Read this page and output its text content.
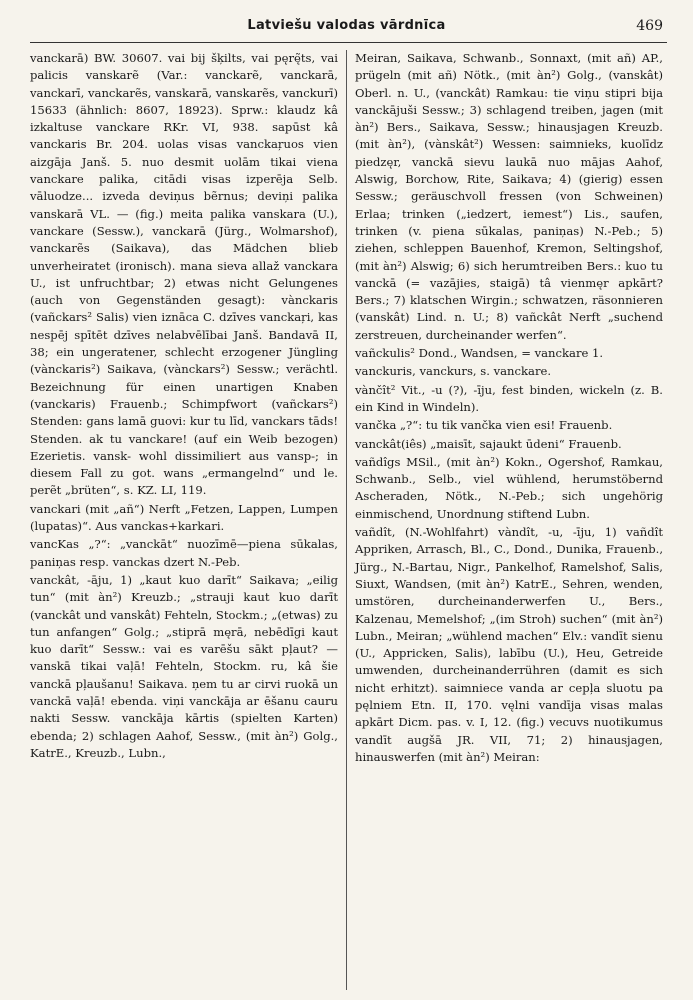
Latviešu valodas vārdnīca	469

vanckarā) BW. 30607. vai bij šķilts, vai pęrę̃ts, vai palicis vanskarẽ (Var.: vanckarẽ, vanckarā, vanckarī, vanckarẽs, vanskarā, vanskarẽs, vanckurī) 15633 (ähnlich: 8607, 18923). Sprw.: klaudz kâ izkaltuse vanckare RKr. VI, 938. sapūst kâ vanckaris Br. 204. uolas visas vanckaŗuos vien aizgāja Janš. 5. nuo desmit uolām tikai viena vanckare palika, citādi visas izperēja Selb. vāluodze... izveda deviņus bẽrnus; deviņi palika vanskarā VL. — (fig.) meita palika vanskara (U.), vanckare (Sessw.), vanckarā (Jürg., Wolmarshof), vanckarẽs (Saikava), das Mädchen blieb unverheiratet (ironisch). mana sieva allaž vanckara U., ist unfruchtbar; 2) etwas nicht Gelungenes (auch von Gegenständen gesagt): vànckaris (vañckars² Salis) vien iznāca C. dzīves vanckaŗi, kas nespēj spītēt dzīves nelabvēlībai Janš. Bandavā II, 38; ein ungeratener, schlecht erzogener Jüngling (vànckaris²) Saikava, (vànckars²) Sessw.; verächtl. Bezeichnung für einen unartigen Knaben (vanckaris) Frauenb.; Schimpfwort (vañckars²) Stenden: gans lamā guovi: kur tu līd, vanckars tāds! Stenden. ak tu vanckare! (auf ein Weib bezogen) Ezerietis. vansk- wohl dissimiliert aus vansp-; in diesem Fall zu got. wans „ermangelnd“ und le. perẽt „brüten“, s. KZ. LI, 119.

vanckari (mit „añ“) Nerft „Fetzen, Lappen, Lumpen (lupatas)“. Aus vanckas+karkari.

vancKas „?“: „vanckāt“ nuozīmē—piena sūkalas, paniņas resp. vanckas dzert N.-Peb.

vanckât, -āju, 1) „kaut kuo darīt“ Saikava; „eilig tun“ (mit àn²) Kreuzb.; „strauji kaut kuo darīt (vanckât und vanskât) Fehteln, Stockm.; „(etwas) zu tun anfangen“ Golg.; „stiprā męrā, nebēdīgi kaut kuo darīt“ Sessw.: vai es varēšu sākt pļaut? — vanskā tikai vaļā! Fehteln, Stockm. ru, kâ šie vanckā pļaušanu! Saikava. ņem tu ar cirvi ruokā un vanckā vaļā! ebenda. viņi vanckāja ar ēšanu cauru nakti Sessw. vanckāja kārtis (spielten Karten) ebenda; 2) schlagen Aahof, Sessw., (mit àn²) Golg., KatrE., Kreuzb., Lubn.,

Meiran, Saikava, Schwanb., Sonnaxt, (mit añ) AP., prügeln (mit añ) Nötk., (mit àn²) Golg., (vanskât) Oberl. n. U., (vanckât) Ramkau: tie viņu stipri bija vanckājuši Sessw.; 3) schlagend treiben, jagen (mit àn²) Bers., Saikava, Sessw.; hinausjagen Kreuzb. (mit àn²), (vànskât²) Wessen: saimnieks, kuolīdz piedzęr, vanckā sievu laukā nuo mājas Aahof, Alswig, Borchow, Rite, Saikava; 4) (gierig) essen Sessw.; geräuschvoll fressen (von Schweinen) Erlaa; trinken („iedzert, iemest“) Lis., saufen, trinken (v. piena sūkalas, paniņas) N.-Peb.; 5) ziehen, schleppen Bauenhof, Kremon, Seltingshof, (mit àn²) Alswig; 6) sich herumtreiben Bers.: kuo tu vanckā (= vazājies, staigā) tâ vienmęr apkārt? Bers.; 7) klatschen Wirgin.; schwatzen, räsonnieren (vanskât) Lind. n. U.; 8) vañckât Nerft „suchend zerstreuen, durcheinander werfen“.

vañckulis² Dond., Wandsen, = vanckare 1.

vanckuris, vanckurs, s. vanckare.

vànčît² Vit., -u (?), -īju, fest binden, wickeln (z. B. ein Kind in Windeln).

vančka „?“: tu tik vančka vien esi! Frauenb.

vanckât(iês) „maisīt, sajaukt ūdeni“ Frauenb.

vañdîgs MSil., (mit àn²) Kokn., Ogershof, Ramkau, Schwanb., Selb., viel wühlend, herumstöbernd Ascheraden, Nötk., N.-Peb.; sich ungehörig einmischend, Unordnung stiftend Lubn.

vañdît, (N.-Wohlfahrt) vàndît, -u, -īju, 1) vañdît Appriken, Arrasch, Bl., C., Dond., Dunika, Frauenb., Jürg., N.-Bartau, Nigr., Pankelhof, Ramelshof, Salis, Siuxt, Wandsen, (mit àn²) KatrE., Sehren, wenden, umstören, durcheinanderwerfen U., Bers., Kalzenau, Memelshof; „(im Stroh) suchen“ (mit àn²) Lubn., Meiran; „wühlend machen“ Elv.: vandīt sienu (U., Appricken, Salis), labību (U.), Heu, Getreide umwenden, durcheinanderrühren (damit es sich nicht erhitzt). saimniece vanda ar cepļa sluotu pa pęlniem Etn. II, 170. vęlni vandīja visas malas apkārt Dicm. pas. v. I, 12. (fig.) vecuvs nuotikumus vandīt augšā JR. VII, 71; 2) hinausjagen, hinauswerfen (mit àn²) Meiran:
